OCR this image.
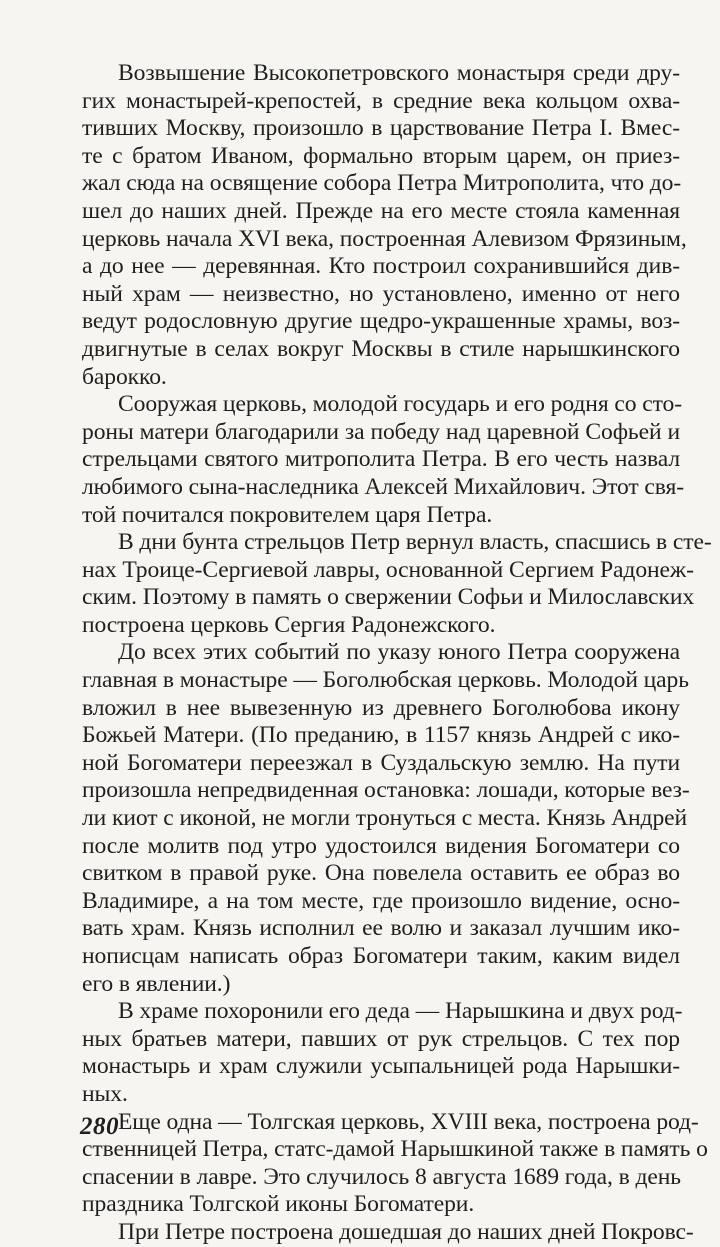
Возвышение Высокопетровского монастыря среди дру-
гих монастырей-крепостей, в средние века кольцом охва-
тивших Москву, произошло в царствование Петра I. Вмес-
те с братом Иваном, формально вторым царем, он приез-
жал сюда на освящение собора Петра Митрополита, что до-
шел до наших дней. Прежде на его месте стояла каменная
церковь начала XVI века, построенная Алевизом Фрязиным,
а до нее — деревянная. Кто построил сохранившийся див-
ный храм — неизвестно, но установлено, именно от него
ведут родословную другие щедро-украшенные храмы, воз-
двигнутые в селах вокруг Москвы в стиле нарышкинского
барокко.
Сооружая церковь, молодой государь и его родня со сто-
роны матери благодарили за победу над царевной Софьей и
стрельцами святого митрополита Петра. В его честь назвал
любимого сына-наследника Алексей Михайлович. Этот свя-
той почитался покровителем царя Петра.
В дни бунта стрельцов Петр вернул власть, спасшись в сте-
нах Троице-Сергиевой лавры, основанной Сергием Радонеж-
ским. Поэтому в память о свержении Софьи и Милославских
построена церковь Сергия Радонежского.
До всех этих событий по указу юного Петра сооружена
главная в монастыре — Боголюбская церковь. Молодой царь
вложил в нее вывезенную из древнего Боголюбова икону
Божьей Матери. (По преданию, в 1157 князь Андрей с ико-
ной Богоматери переезжал в Суздальскую землю. На пути
произошла непредвиденная остановка: лошади, которые вез-
ли киот с иконой, не могли тронуться с места. Князь Андрей
после молитв под утро удостоился видения Богоматери со
свитком в правой руке. Она повелела оставить ее образ во
Владимире, а на том месте, где произошло видение, осно-
вать храм. Князь исполнил ее волю и заказал лучшим ико-
нописцам написать образ Богоматери таким, каким видел
его в явлении.)
В храме похоронили его деда — Нарышкина и двух род-
ных братьев матери, павших от рук стрельцов. С тех пор
монастырь и храм служили усыпальницей рода Нарышки-
ных.
Еще одна — Толгская церковь, XVIII века, построена род-
ственницей Петра, статс-дамой Нарышкиной также в память о
спасении в лавре. Это случилось 8 августа 1689 года, в день
праздника Толгской иконы Богоматери.
При Петре построена дошедшая до наших дней Покровс-
280
